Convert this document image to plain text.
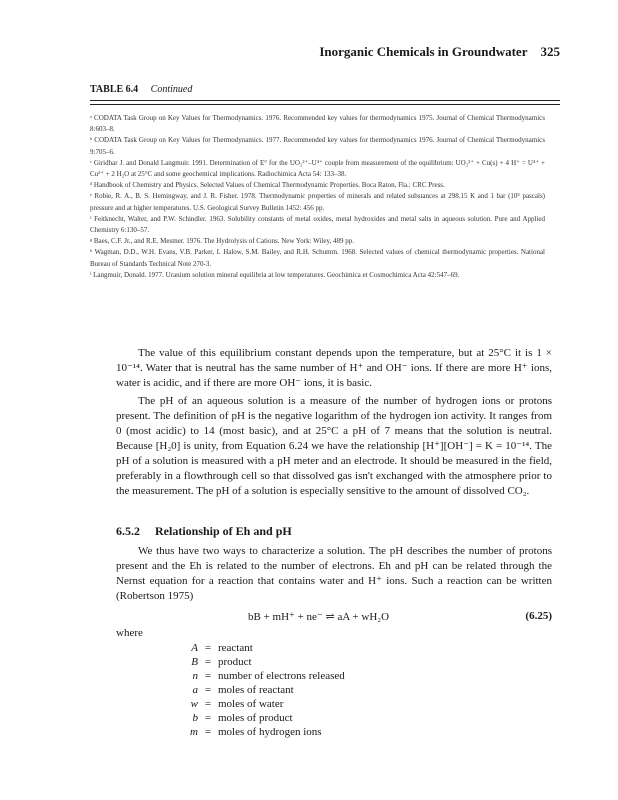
Inorganic Chemicals in Groundwater 325
TABLE 6.4 Continued

ᵃ CODATA Task Group on Key Values for Thermodynamics. 1976. Recommended key values for thermodynamics 1975. Journal of Chemical Thermodynamics 8:603–8.

ᵇ CODATA Task Group on Key Values for Thermodynamics. 1977. Recommended key values for thermodynamics 1976. Journal of Chemical Thermodynamics 9:705–6.

ᶜ Giridhar J. and Donald Langmuir. 1991. Determination of E° for the UO₂²⁺–U⁴⁺ couple from measurement of the equilibrium: UO₂²⁺ + Cu(s) + 4 H⁺ = U⁴⁺ + Cu²⁺ + 2 H₂O at 25°C and some geochemical implications. Radiochimica Acta 54: 133–38.

ᵈ Handbook of Chemistry and Physics. Selected Values of Chemical Thermodynamic Properties. Boca Raton, Fla.: CRC Press.

ᵉ Robie, R. A., B. S. Hemingway, and J. R. Fisher. 1978. Thermodynamic properties of minerals and related substances at 298.15 K and 1 bar (10⁵ pascals) pressure and at higher temperatures. U.S. Geological Survey Bulletin 1452: 456 pp.

ᶠ Feitknecht, Walter, and P.W. Schindler. 1963. Solubility constants of metal oxides, metal hydroxides and metal salts in aqueous solution. Pure and Applied Chemistry 6:130–57.

ᵍ Baes, C.F. Jr., and R.E. Mesmer. 1976. The Hydrolysis of Cations. New York: Wiley, 489 pp.

ʰ Wagman, D.D., W.H. Evans, V.B. Parker, I. Halow, S.M. Bailey, and R.H. Schumm. 1968. Selected values of chemical thermodynamic properties. National Bureau of Standards Technical Note 270-3.

ⁱ Langmuir, Donald. 1977. Uranium solution mineral equilibria at low temperatures. Geochimica et Cosmochimica Acta 42:547–69.

The value of this equilibrium constant depends upon the temperature, but at 25°C it is 1 × 10⁻¹⁴. Water that is neutral has the same number of H⁺ and OH⁻ ions. If there are more H⁺ ions, water is acidic, and if there are more OH⁻ ions, it is basic.

The pH of an aqueous solution is a measure of the number of hydrogen ions or protons present. The definition of pH is the negative logarithm of the hydrogen ion activity. It ranges from 0 (most acidic) to 14 (most basic), and at 25°C a pH of 7 means that the solution is neutral. Because [H₂0] is unity, from Equation 6.24 we have the relationship [H⁺][OH⁻] = K = 10⁻¹⁴. The pH of a solution is measured with a pH meter and an electrode. It should be measured in the field, preferably in a flowthrough cell so that dissolved gas isn't exchanged with the atmosphere prior to the measurement. The pH of a solution is especially sensitive to the amount of dissolved CO₂.

6.5.2 Relationship of Eh and pH

We thus have two ways to characterize a solution. The pH describes the number of protons present and the Eh is related to the number of electrons. Eh and pH can be related through the Nernst equation for a reaction that contains water and H⁺ ions. Such a reaction can be written (Robertson 1975)

bB + mH⁺ + ne⁻ ⇌ aA + wH₂O	(6.25)
where
A = reactant
B = product
n = number of electrons released
a = moles of reactant
w = moles of water
b = moles of product
m = moles of hydrogen ions
